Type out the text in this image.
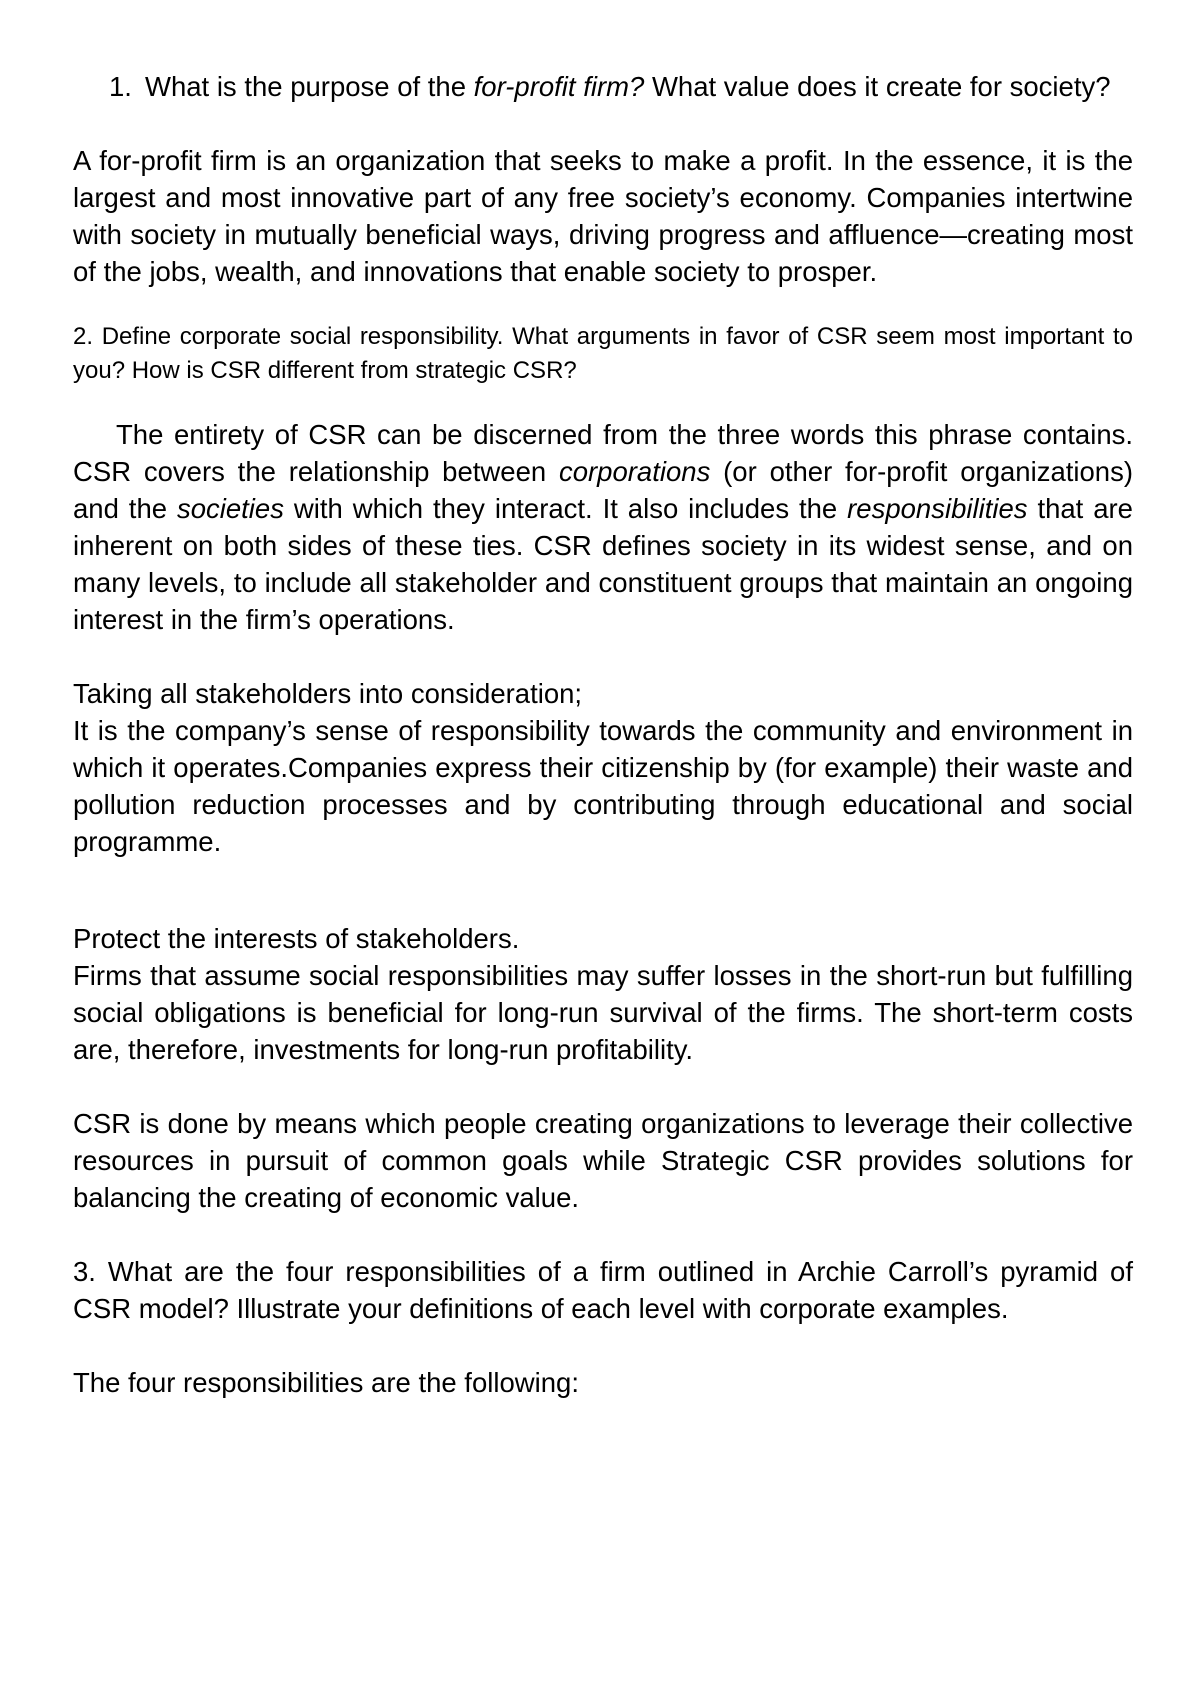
1. What is the purpose of the for-profit firm? What value does it create for society?

A for-profit firm is an organization that seeks to make a profit. In the essence, it is the largest and most innovative part of any free society’s economy. Companies intertwine with society in mutually beneficial ways, driving progress and affluence—creating most of the jobs, wealth, and innovations that enable society to prosper.

2. Define corporate social responsibility. What arguments in favor of CSR seem most important to you? How is CSR different from strategic CSR?

The entirety of CSR can be discerned from the three words this phrase contains. CSR covers the relationship between corporations (or other for-profit organizations) and the societies with which they interact. It also includes the responsibilities that are inherent on both sides of these ties. CSR defines society in its widest sense, and on many levels, to include all stakeholder and constituent groups that maintain an ongoing interest in the firm’s operations.

Taking all stakeholders into consideration;

It is the company’s sense of responsibility towards the community and environment in which it operates.Companies express their citizenship by (for example) their waste and pollution reduction processes and by contributing through educational and social programme.

Protect the interests of stakeholders.

Firms that assume social responsibilities may suffer losses in the short-run but fulfilling social obligations is beneficial for long-run survival of the firms. The short-term costs are, therefore, investments for long-run profitability.

CSR is done by means which people creating organizations to leverage their collective resources in pursuit of common goals while Strategic CSR provides solutions for balancing the creating of economic value.

3. What are the four responsibilities of a firm outlined in Archie Carroll’s pyramid of CSR model? Illustrate your definitions of each level with corporate examples.

The four responsibilities are the following:
